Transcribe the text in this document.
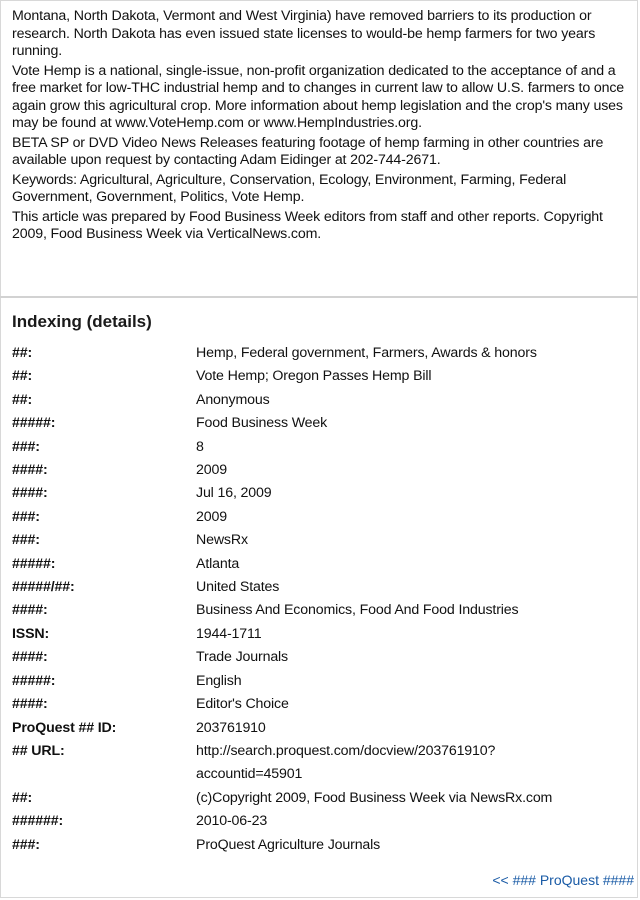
Montana, North Dakota, Vermont and West Virginia) have removed barriers to its production or research. North Dakota has even issued state licenses to would-be hemp farmers for two years running.

Vote Hemp is a national, single-issue, non-profit organization dedicated to the acceptance of and a free market for low-THC industrial hemp and to changes in current law to allow U.S. farmers to once again grow this agricultural crop. More information about hemp legislation and the crop's many uses may be found at www.VoteHemp.com or www.HempIndustries.org.

BETA SP or DVD Video News Releases featuring footage of hemp farming in other countries are available upon request by contacting Adam Eidinger at 202-744-2671.

Keywords: Agricultural, Agriculture, Conservation, Ecology, Environment, Farming, Federal Government, Government, Politics, Vote Hemp.

This article was prepared by Food Business Week editors from staff and other reports. Copyright 2009, Food Business Week via VerticalNews.com.

Indexing (details)
##:	Hemp, Federal government, Farmers, Awards & honors
##:	Vote Hemp; Oregon Passes Hemp Bill
##:	Anonymous
#####:	Food Business Week
###:	8
####:	2009
####:	Jul 16, 2009
###:	2009
###:	NewsRx
#####:	Atlanta
#####/##:	United States
####:	Business And Economics, Food And Food Industries
ISSN:	1944-1711
####:	Trade Journals
#####:	English
####:	Editor's Choice
ProQuest ## ID:	203761910
## URL:	http://search.proquest.com/docview/203761910?
accountid=45901

##:	(c)Copyright 2009, Food Business Week via NewsRx.com
######:	2010-06-23
###:	ProQuest Agriculture Journals
<< ### ProQuest ####
